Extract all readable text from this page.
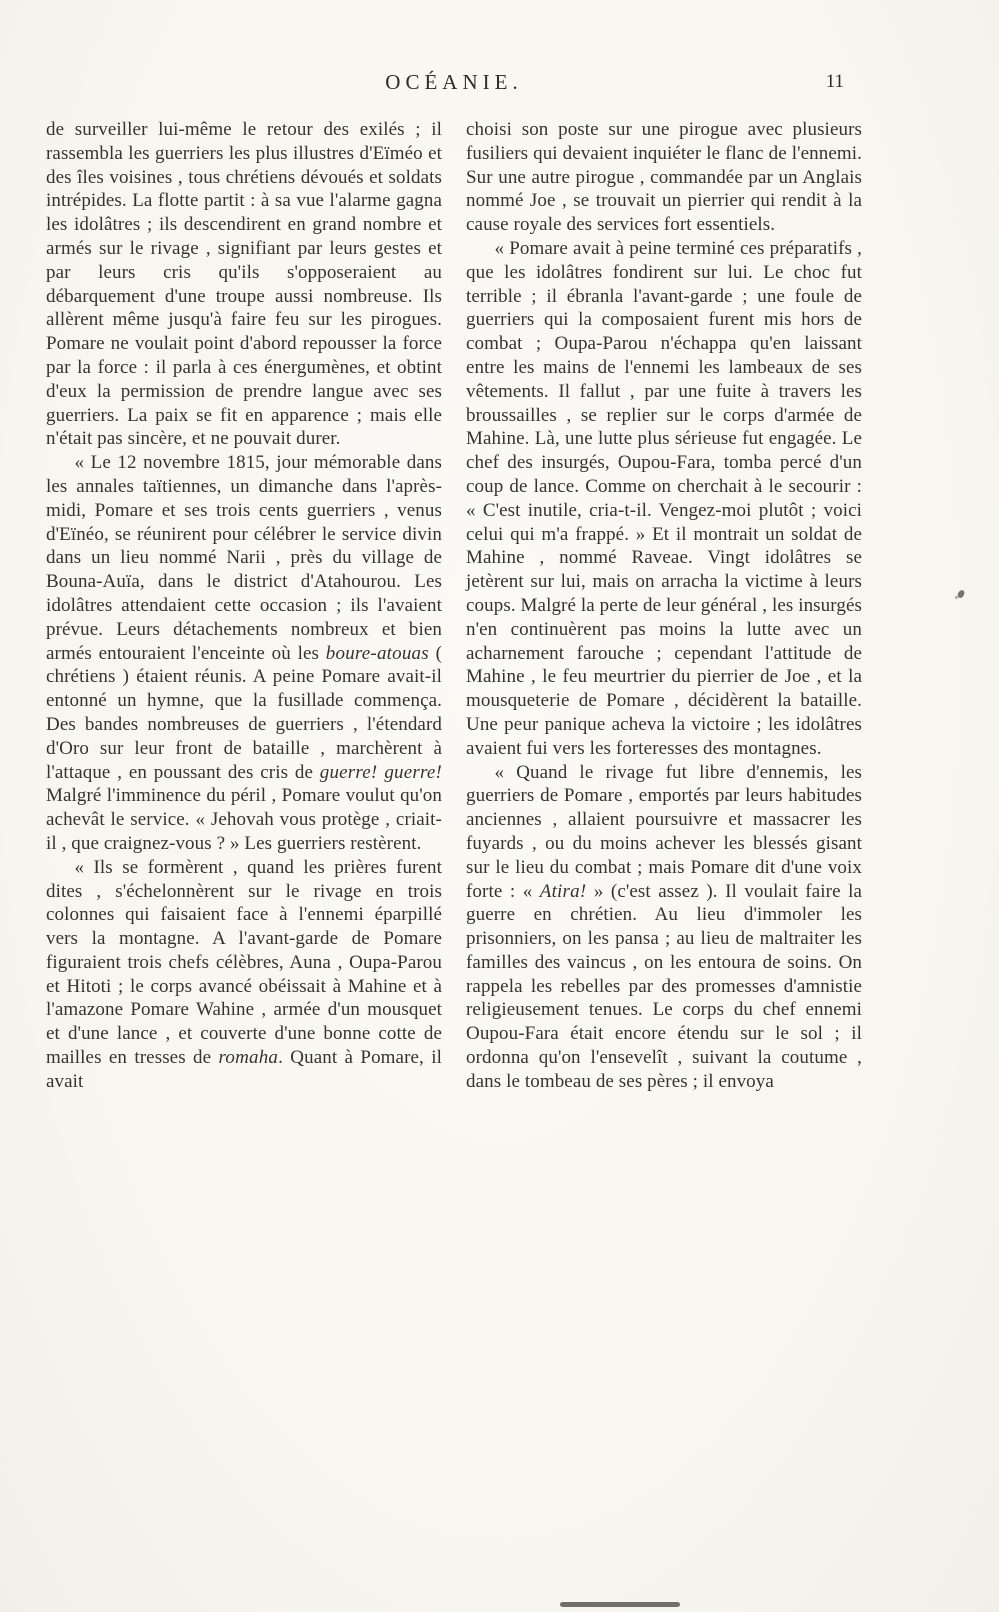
OCÉANIE.	11

de surveiller lui-même le retour des exilés ; il rassembla les guerriers les plus illustres d'Eïméo et des îles voisines , tous chrétiens dévoués et soldats intrépides. La flotte partit : à sa vue l'alarme gagna les idolâtres ; ils descendirent en grand nombre et armés sur le rivage , signifiant par leurs gestes et par leurs cris qu'ils s'opposeraient au débarquement d'une troupe aussi nombreuse. Ils allèrent même jusqu'à faire feu sur les pirogues. Pomare ne voulait point d'abord repousser la force par la force : il parla à ces énergumènes, et obtint d'eux la permission de prendre langue avec ses guerriers. La paix se fit en apparence ; mais elle n'était pas sincère, et ne pouvait durer.

« Le 12 novembre 1815, jour mémorable dans les annales taïtiennes, un dimanche dans l'après-midi, Pomare et ses trois cents guerriers , venus d'Eïnéo, se réunirent pour célébrer le service divin dans un lieu nommé Narii , près du village de Bouna-Auïa, dans le district d'Atahourou. Les idolâtres attendaient cette occasion ; ils l'avaient prévue. Leurs détachements nombreux et bien armés entouraient l'enceinte où les boure-atouas ( chrétiens ) étaient réunis. A peine Pomare avait-il entonné un hymne, que la fusillade commença. Des bandes nombreuses de guerriers , l'étendard d'Oro sur leur front de bataille , marchèrent à l'attaque , en poussant des cris de guerre! guerre! Malgré l'imminence du péril , Pomare voulut qu'on achevât le service. « Jehovah vous protège , criait-il , que craignez-vous ? » Les guerriers restèrent.

« Ils se formèrent , quand les prières furent dites , s'échelonnèrent sur le rivage en trois colonnes qui faisaient face à l'ennemi éparpillé vers la montagne. A l'avant-garde de Pomare figuraient trois chefs célèbres, Auna , Oupa-Parou et Hitoti ; le corps avancé obéissait à Mahine et à l'amazone Pomare Wahine , armée d'un mousquet et d'une lance , et couverte d'une bonne cotte de mailles en tresses de romaha. Quant à Pomare, il avait

choisi son poste sur une pirogue avec plusieurs fusiliers qui devaient inquiéter le flanc de l'ennemi. Sur une autre pirogue , commandée par un Anglais nommé Joe , se trouvait un pierrier qui rendit à la cause royale des services fort essentiels.

« Pomare avait à peine terminé ces préparatifs , que les idolâtres fondirent sur lui. Le choc fut terrible ; il ébranla l'avant-garde ; une foule de guerriers qui la composaient furent mis hors de combat ; Oupa-Parou n'échappa qu'en laissant entre les mains de l'ennemi les lambeaux de ses vêtements. Il fallut , par une fuite à travers les broussailles , se replier sur le corps d'armée de Mahine. Là, une lutte plus sérieuse fut engagée. Le chef des insurgés, Oupou-Fara, tomba percé d'un coup de lance. Comme on cherchait à le secourir : « C'est inutile, cria-t-il. Vengez-moi plutôt ; voici celui qui m'a frappé. » Et il montrait un soldat de Mahine , nommé Raveae. Vingt idolâtres se jetèrent sur lui, mais on arracha la victime à leurs coups. Malgré la perte de leur général , les insurgés n'en continuèrent pas moins la lutte avec un acharnement farouche ; cependant l'attitude de Mahine , le feu meurtrier du pierrier de Joe , et la mousqueterie de Pomare , décidèrent la bataille. Une peur panique acheva la victoire ; les idolâtres avaient fui vers les forteresses des montagnes.

« Quand le rivage fut libre d'ennemis, les guerriers de Pomare , emportés par leurs habitudes anciennes , allaient poursuivre et massacrer les fuyards , ou du moins achever les blessés gisant sur le lieu du combat ; mais Pomare dit d'une voix forte : « Atira! » (c'est assez ). Il voulait faire la guerre en chrétien. Au lieu d'immoler les prisonniers, on les pansa ; au lieu de maltraiter les familles des vaincus , on les entoura de soins. On rappela les rebelles par des promesses d'amnistie religieusement tenues. Le corps du chef ennemi Oupou-Fara était encore étendu sur le sol ; il ordonna qu'on l'ensevelît , suivant la coutume , dans le tombeau de ses pères ; il envoya
